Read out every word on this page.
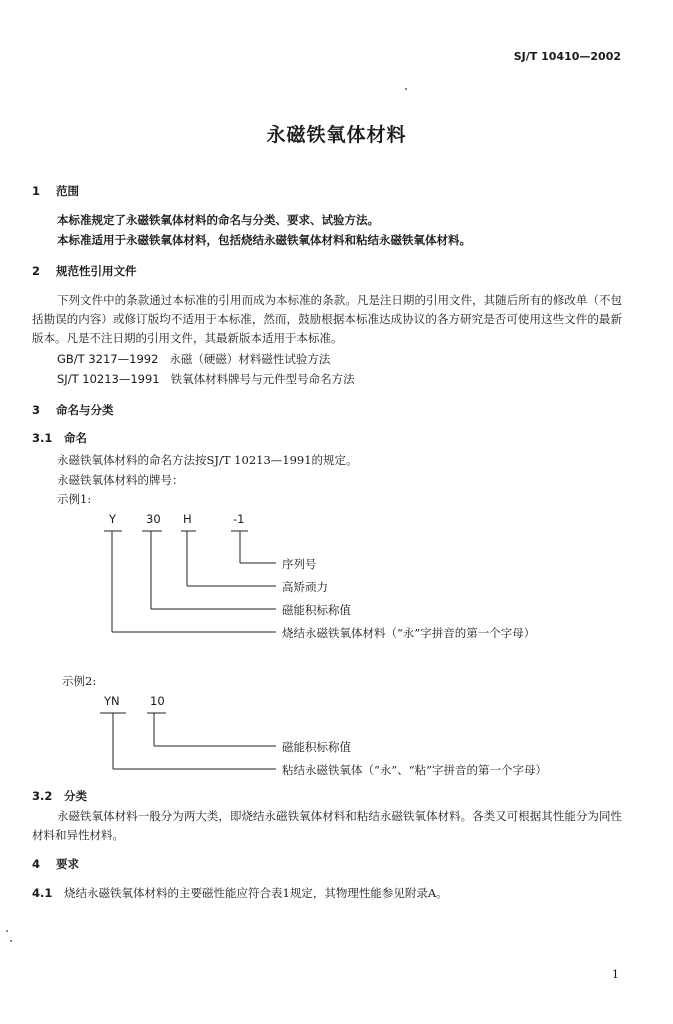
SJ/T 10410—2002
永磁铁氧体材料
1 范围
本标准规定了永磁铁氧体材料的命名与分类、要求、试验方法。
本标准适用于永磁铁氧体材料，包括烧结永磁铁氧体材料和粘结永磁铁氧体材料。
2 规范性引用文件
下列文件中的条款通过本标准的引用而成为本标准的条款。凡是注日期的引用文件，其随后所有的修改单（不包括勘误的内容）或修订版均不适用于本标准，然而，鼓励根据本标准达成协议的各方研究是否可使用这些文件的最新版本。凡是不注日期的引用文件，其最新版本适用于本标准。
GB/T 3217—1992 永磁（硬磁）材料磁性试验方法
SJ/T 10213—1991 铁氧体材料牌号与元件型号命名方法
3 命名与分类
3.1 命名
永磁铁氧体材料的命名方法按SJ/T 10213—1991的规定。
永磁铁氧体材料的牌号：
示例1:
Y	30 H	-1
序列号
高矫顽力
磁能积标称值
烧结永磁铁氧体材料（“永”字拼音的第一个字母）
示例2:
YN	10
磁能积标称值
粘结永磁铁氧体（“永”、“粘”字拼音的第一个字母）
3.2 分类
永磁铁氧体材料一般分为两大类，即烧结永磁铁氧体材料和粘结永磁铁氧体材料。各类又可根据其性能分为同性材料和异性材料。
4 要求
4.1 烧结永磁铁氧体材料的主要磁性能应符合表1规定，其物理性能参见附录A。
1
